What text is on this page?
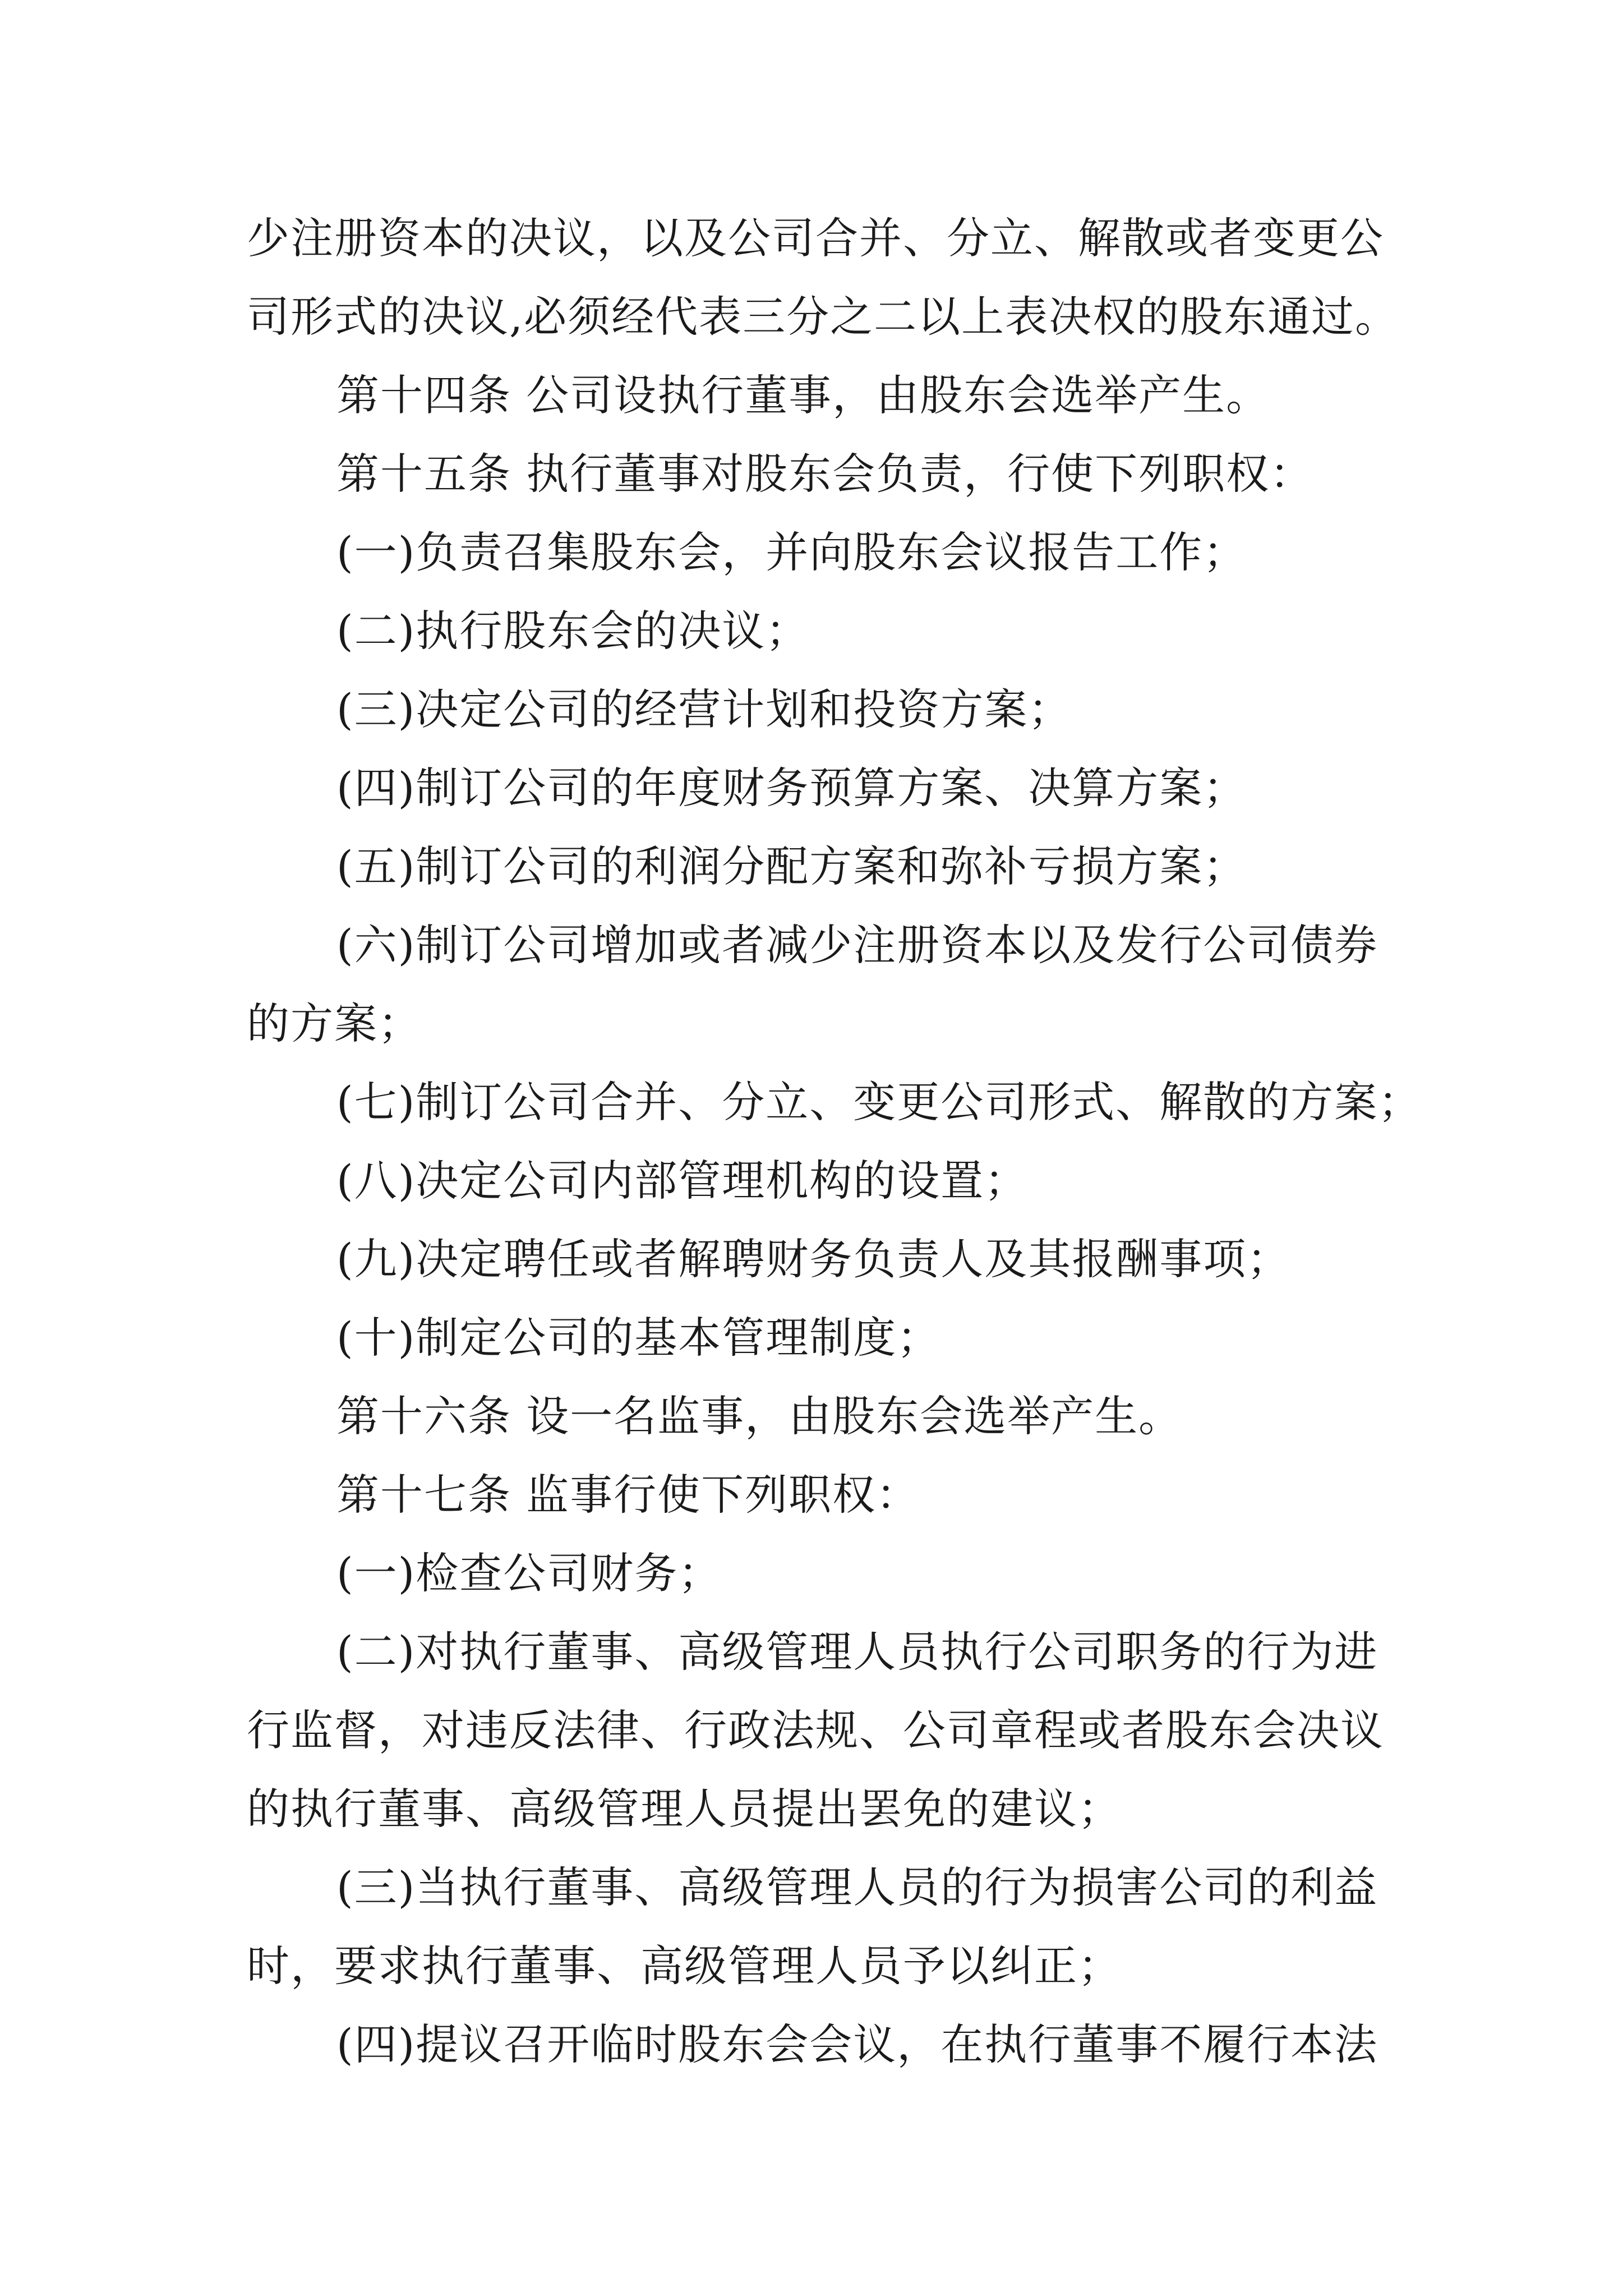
少注册资本的决议，以及公司合并、分立、解散或者变更公
司形式的决议,必须经代表三分之二以上表决权的股东通过。
第十四条 公司设执行董事，由股东会选举产生。
第十五条 执行董事对股东会负责，行使下列职权：
(一)负责召集股东会，并向股东会议报告工作；
(二)执行股东会的决议；
(三)决定公司的经营计划和投资方案；
(四)制订公司的年度财务预算方案、决算方案；
(五)制订公司的利润分配方案和弥补亏损方案；
(六)制订公司增加或者减少注册资本以及发行公司债券
的方案；
(七)制订公司合并、分立、变更公司形式、解散的方案；
(八)决定公司内部管理机构的设置；
(九)决定聘任或者解聘财务负责人及其报酬事项；
(十)制定公司的基本管理制度；
第十六条 设一名监事，由股东会选举产生。
第十七条 监事行使下列职权：
(一)检查公司财务；
(二)对执行董事、高级管理人员执行公司职务的行为进
行监督，对违反法律、行政法规、公司章程或者股东会决议
的执行董事、高级管理人员提出罢免的建议；
(三)当执行董事、高级管理人员的行为损害公司的利益
时，要求执行董事、高级管理人员予以纠正；
(四)提议召开临时股东会会议，在执行董事不履行本法
